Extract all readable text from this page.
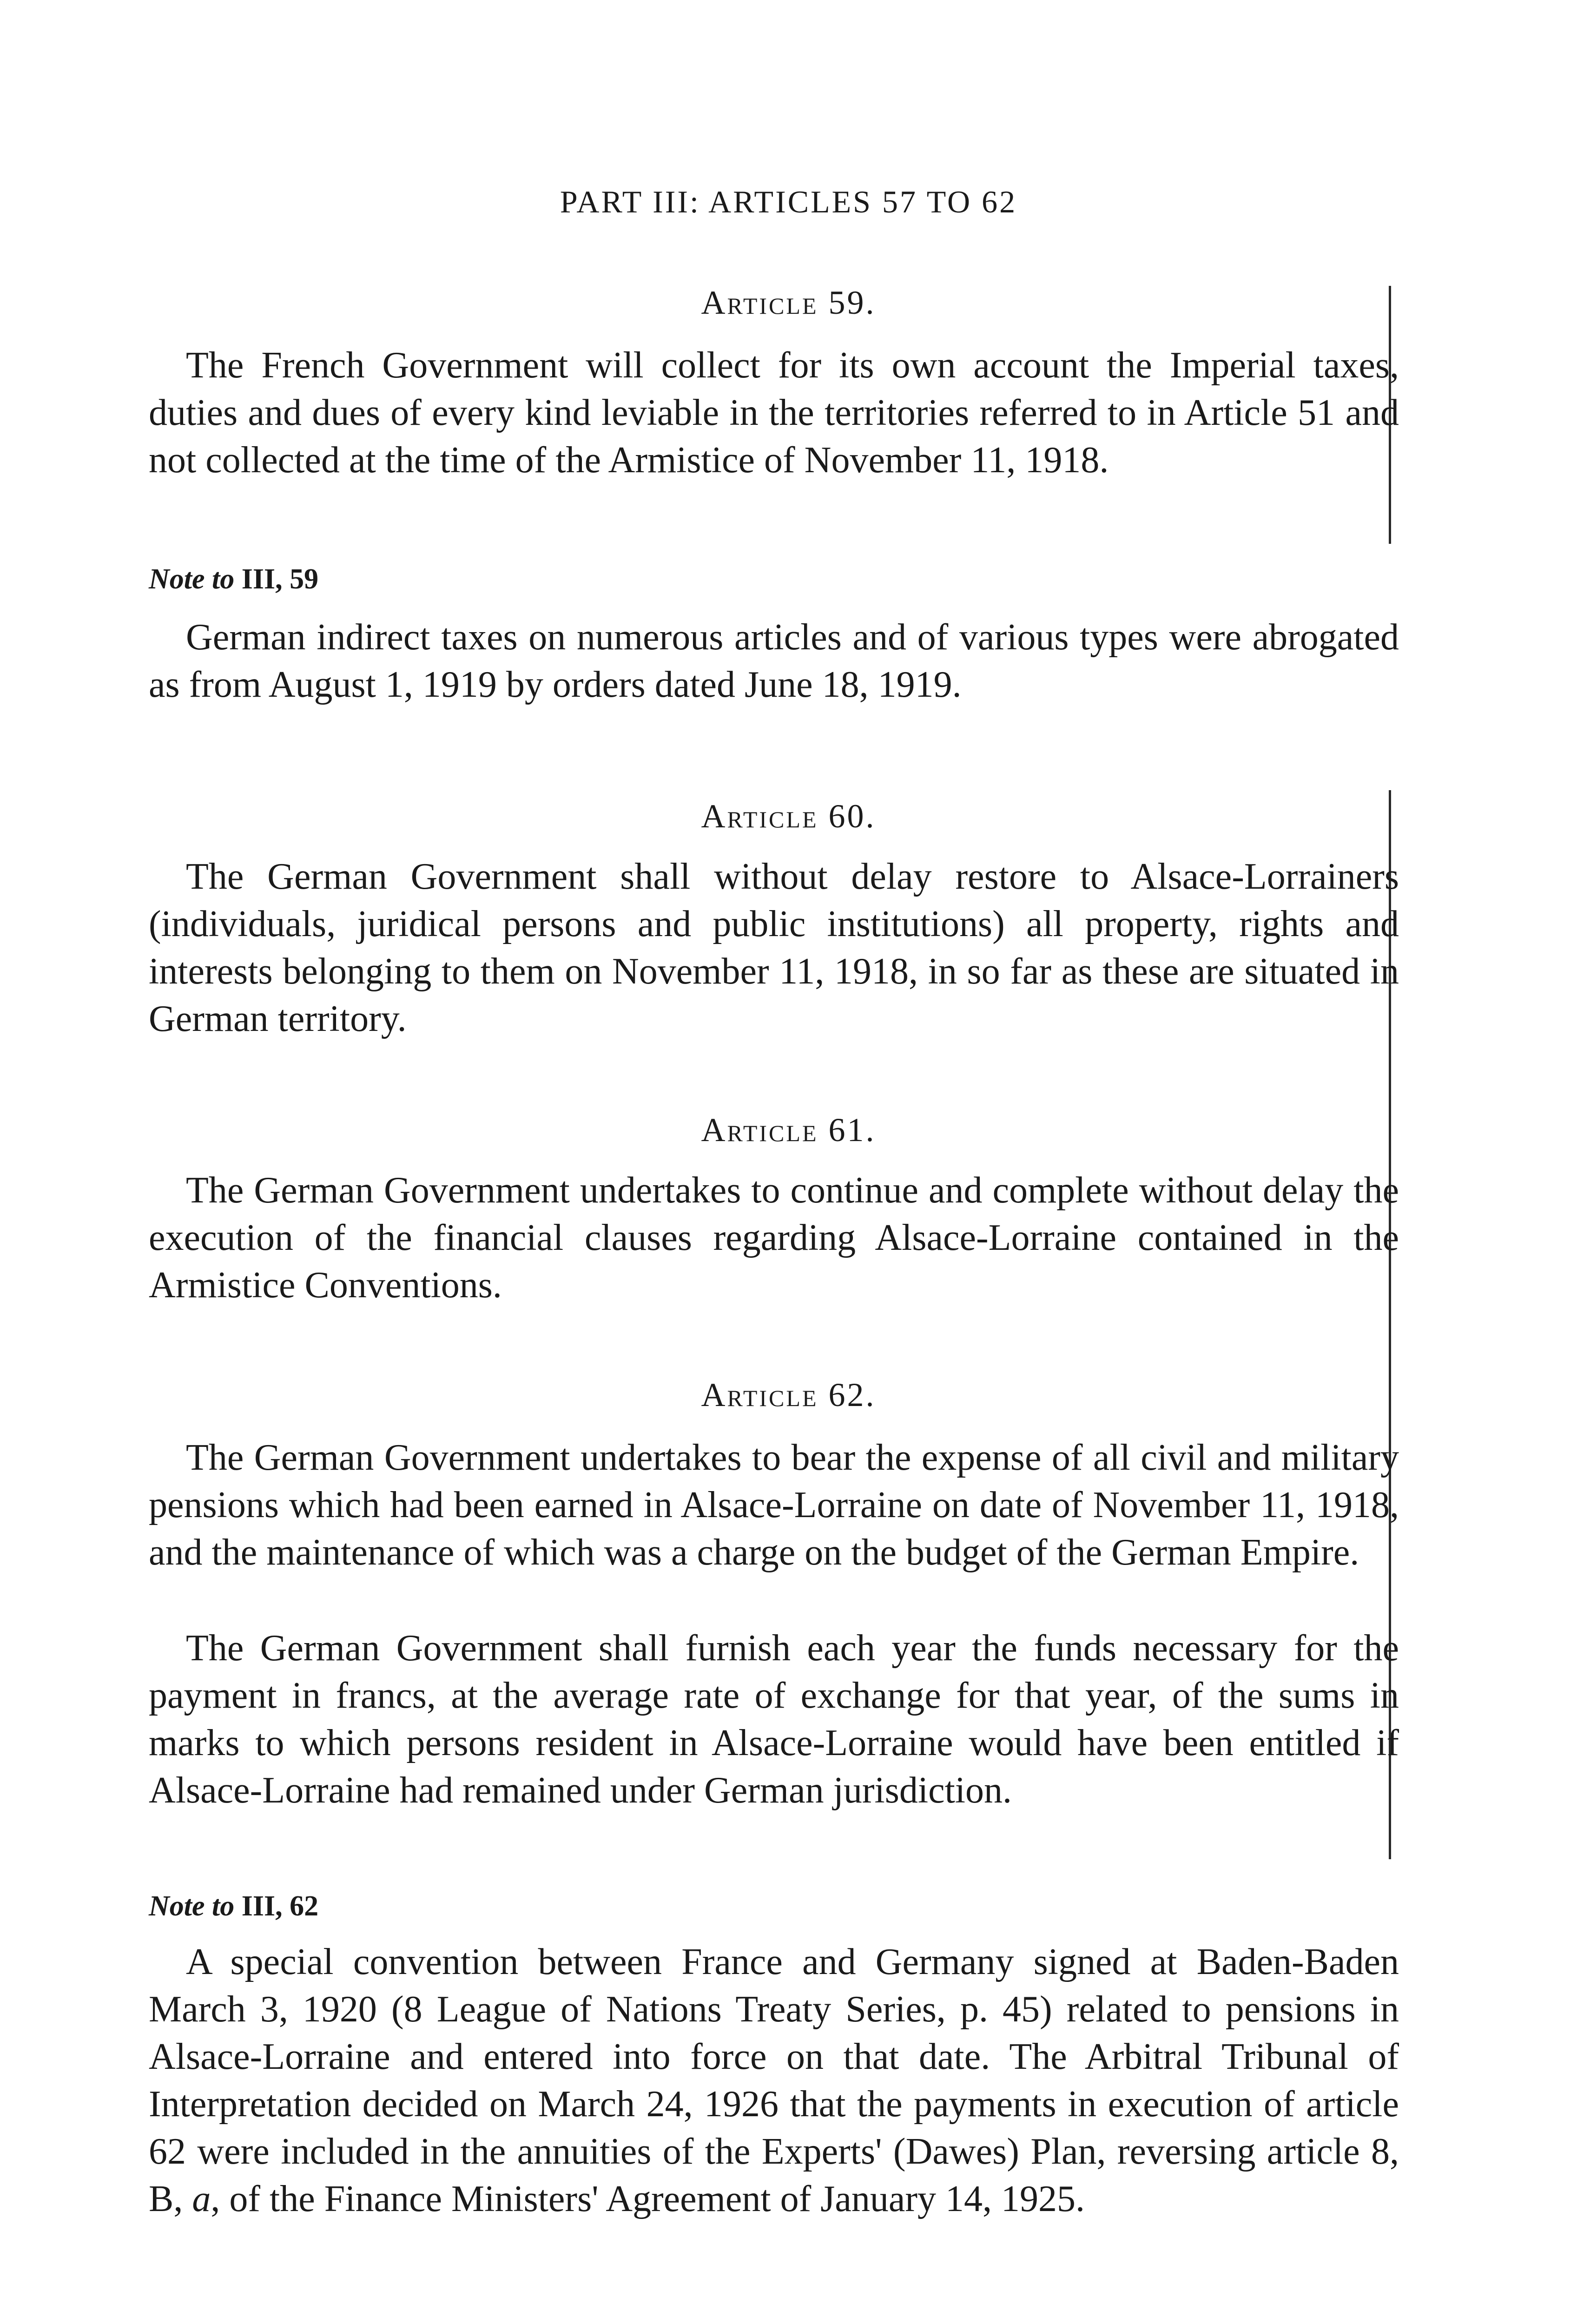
PART III: ARTICLES 57 TO 62
Article 59.

The French Government will collect for its own account the Imperial taxes, duties and dues of every kind leviable in the territories referred to in Article 51 and not collected at the time of the Armistice of November 11, 1918.

Note to III, 59

German indirect taxes on numerous articles and of various types were abrogated as from August 1, 1919 by orders dated June 18, 1919.

Article 60.

The German Government shall without delay restore to Alsace-Lorrainers (individuals, juridical persons and public institutions) all property, rights and interests belonging to them on November 11, 1918, in so far as these are situated in German territory.

Article 61.

The German Government undertakes to continue and complete without delay the execution of the financial clauses regarding Alsace-Lorraine contained in the Armistice Conventions.

Article 62.

The German Government undertakes to bear the expense of all civil and military pensions which had been earned in Alsace-Lorraine on date of November 11, 1918, and the maintenance of which was a charge on the budget of the German Empire.

The German Government shall furnish each year the funds necessary for the payment in francs, at the average rate of exchange for that year, of the sums in marks to which persons resident in Alsace-Lorraine would have been entitled if Alsace-Lorraine had remained under German jurisdiction.

Note to III, 62

A special convention between France and Germany signed at Baden-Baden March 3, 1920 (8 League of Nations Treaty Series, p. 45) related to pensions in Alsace-Lorraine and entered into force on that date. The Arbitral Tribunal of Interpretation decided on March 24, 1926 that the payments in execution of article 62 were included in the annuities of the Experts' (Dawes) Plan, reversing article 8, B, a, of the Finance Ministers' Agreement of January 14, 1925.
